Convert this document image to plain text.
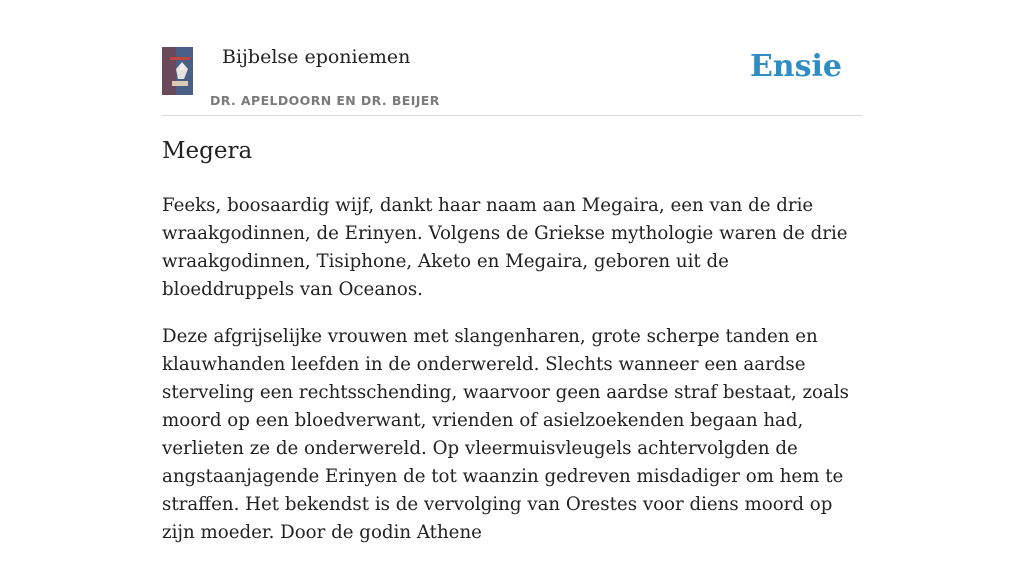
Bijbelse eponiemen
DR. APELDOORN EN DR. BEIJER
Ensie
Megera

Feeks, boosaardig wijf, dankt haar naam aan Megaira, een van de drie wraakgodinnen, de Erinyen. Volgens de Griekse mythologie waren de drie wraakgodinnen, Tisiphone, Aketo en Megaira, geboren uit de bloeddruppels van Oceanos.

Deze afgrijselijke vrouwen met slangenharen, grote scherpe tanden en klauwhanden leefden in de onderwereld. Slechts wanneer een aardse sterveling een rechtsschending, waarvoor geen aardse straf bestaat, zoals moord op een bloedverwant, vrienden of asielzoekenden begaan had, verlieten ze de onderwereld. Op vleermuisvleugels achtervolgden de angstaanjagende Erinyen de tot waanzin gedreven misdadiger om hem te straffen. Het bekendst is de vervolging van Orestes voor diens moord op zijn moeder. Door de godin Athene
